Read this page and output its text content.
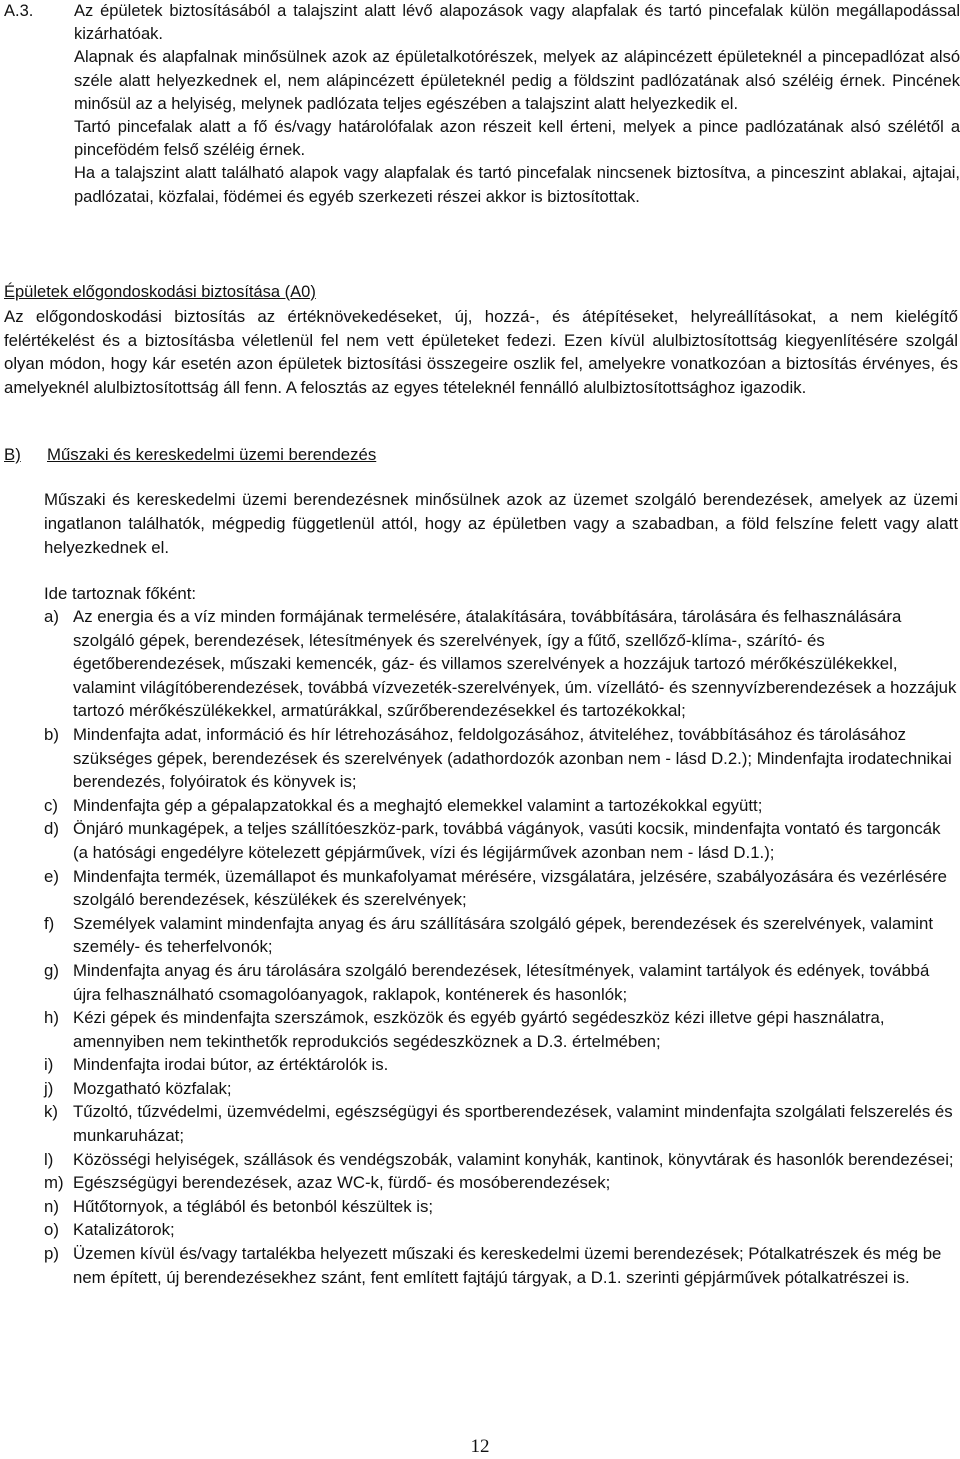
A.3. Az épületek biztosításából a talajszint alatt lévő alapozások vagy alapfalak és tartó pincefalak külön megállapodással kizárhatóak.

Alapnak és alapfalnak minősülnek azok az épületalkotórészek, melyek az alápincézett épületeknél a pincepadlózat alsó széle alatt helyezkednek el, nem alápincézett épületeknél pedig a földszint padlózatának alsó széléig érnek. Pincének minősül az a helyiség, melynek padlózata teljes egészében a talajszint alatt helyezkedik el.

Tartó pincefalak alatt a fő és/vagy határolófalak azon részeit kell érteni, melyek a pince padlózatának alsó szélétől a pincefödém felső széléig érnek.

Ha a talajszint alatt található alapok vagy alapfalak és tartó pincefalak nincsenek biztosítva, a pinceszint ablakai, ajtajai, padlózatai, közfalai, födémei és egyéb szerkezeti részei akkor is biztosítottak.

Épületek előgondoskodási biztosítása (A0)

Az előgondoskodási biztosítás az értéknövekedéseket, új, hozzá-, és átépítéseket, helyreállításokat, a nem kielégítő felértékelést és a biztosításba véletlenül fel nem vett épületeket fedezi. Ezen kívül alulbiztosítottság kiegyenlítésére szolgál olyan módon, hogy kár esetén azon épületek biztosítási összegeire oszlik fel, amelyekre vonatkozóan a biztosítás érvényes, és amelyeknél alulbiztosítottság áll fenn. A felosztás az egyes tételeknél fennálló alulbiztosítottsághoz igazodik.

B) Műszaki és kereskedelmi üzemi berendezés

Műszaki és kereskedelmi üzemi berendezésnek minősülnek azok az üzemet szolgáló berendezések, amelyek az üzemi ingatlanon találhatók, mégpedig függetlenül attól, hogy az épületben vagy a szabadban, a föld felszíne felett vagy alatt helyezkednek el.

Ide tartoznak főként:
a) Az energia és a víz minden formájának termelésére, átalakítására, továbbítására, tárolására és felhasználására szolgáló gépek, berendezések, létesítmények és szerelvények, így a fűtő, szellőző-klíma-, szárító- és égetőberendezések, műszaki kemencék, gáz- és villamos szerelvények a hozzájuk tartozó mérőkészülékekkel, valamint világítóberendezések, továbbá vízvezeték-szerelvények, úm. vízellátó- és szennyvízberendezések a hozzájuk tartozó mérőkészülékekkel, armatúrákkal, szűrőberendezésekkel és tartozékokkal;
b) Mindenfajta adat, információ és hír létrehozásához, feldolgozásához, átviteléhez, továbbításához és tárolásához szükséges gépek, berendezések és szerelvények (adathordozók azonban nem - lásd D.2.); Mindenfajta irodatechnikai berendezés, folyóiratok és könyvek is;
c) Mindenfajta gép a gépalapzatokkal és a meghajtó elemekkel valamint a tartozékokkal együtt;
d) Önjáró munkagépek, a teljes szállítóeszköz-park, továbbá vágányok, vasúti kocsik, mindenfajta vontató és targoncák (a hatósági engedélyre kötelezett gépjárművek, vízi és légijárművek azonban nem - lásd D.1.);
e) Mindenfajta termék, üzemállapot és munkafolyamat mérésére, vizsgálatára, jelzésére, szabályozására és vezérlésére szolgáló berendezések, készülékek és szerelvények;
f) Személyek valamint mindenfajta anyag és áru szállítására szolgáló gépek, berendezések és szerelvények, valamint személy- és teherfelvonók;
g) Mindenfajta anyag és áru tárolására szolgáló berendezések, létesítmények, valamint tartályok és edények, továbbá újra felhasználható csomagolóanyagok, raklapok, konténerek és hasonlók;
h) Kézi gépek és mindenfajta szerszámok, eszközök és egyéb gyártó segédeszköz kézi illetve gépi használatra, amennyiben nem tekinthetők reprodukciós segédeszköznek a D.3. értelmében;
i) Mindenfajta irodai bútor, az értéktárolók is.
j) Mozgatható közfalak;
k) Tűzoltó, tűzvédelmi, üzemvédelmi, egészségügyi és sportberendezések, valamint mindenfajta szolgálati felszerelés és munkaruházat;
l) Közösségi helyiségek, szállások és vendégszobák, valamint konyhák, kantinok, könyvtárak és hasonlók berendezései;
m) Egészségügyi berendezések, azaz WC-k, fürdő- és mosóberendezések;
n) Hűtőtornyok, a téglából és betonból készültek is;
o) Katalizátorok;
p) Üzemen kívül és/vagy tartalékba helyezett műszaki és kereskedelmi üzemi berendezések; Pótalkatrészek és még be nem épített, új berendezésekhez szánt, fent említett fajtájú tárgyak, a D.1. szerinti gépjárművek pótalkatrészei is.
12
